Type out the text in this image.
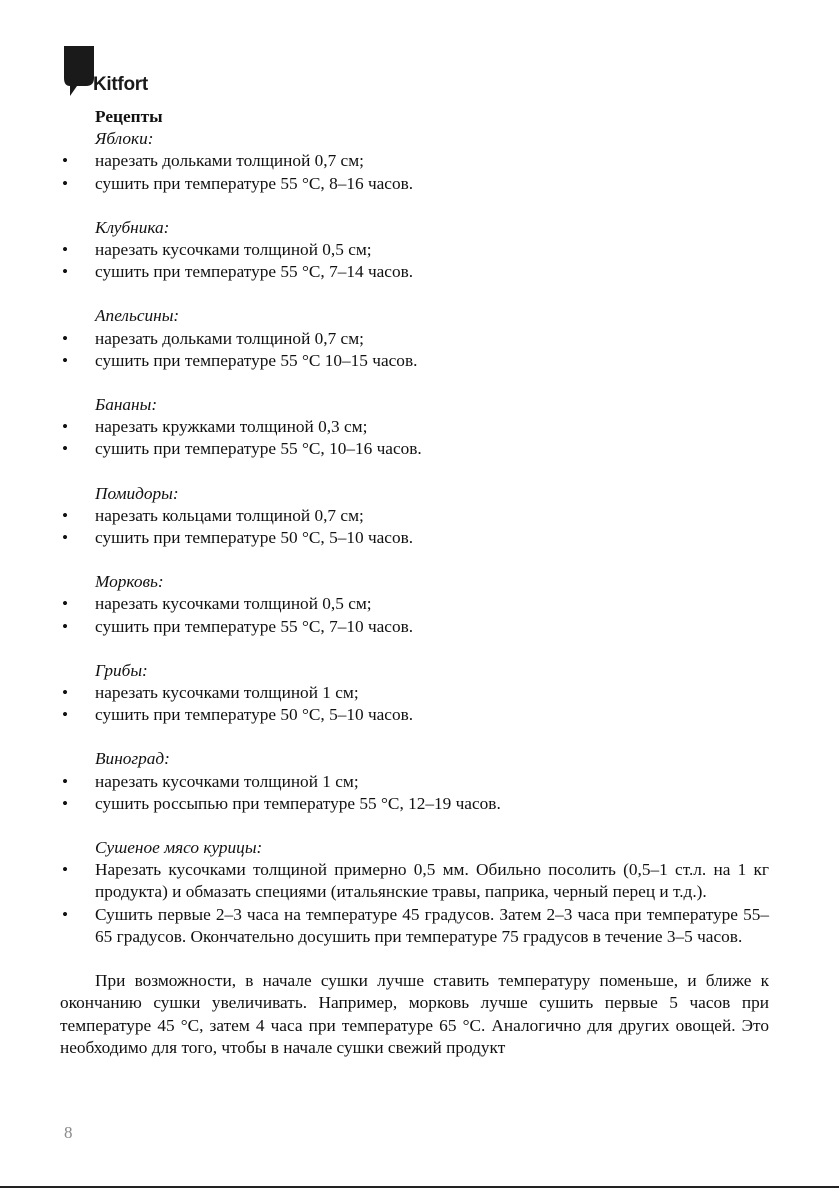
Kitfort
Рецепты
Яблоки:
• нарезать дольками толщиной 0,7 см;
• сушить при температуре 55 °С, 8–16 часов.
Клубника:
• нарезать кусочками толщиной 0,5 см;
• сушить при температуре 55 °С, 7–14 часов.
Апельсины:
• нарезать дольками толщиной 0,7 см;
• сушить при температуре 55 °С 10–15 часов.
Бананы:
• нарезать кружками толщиной 0,3 см;
• сушить при температуре 55 °С, 10–16 часов.
Помидоры:
• нарезать кольцами толщиной 0,7 см;
• сушить при температуре 50 °С, 5–10 часов.
Морковь:
• нарезать кусочками толщиной 0,5 см;
• сушить при температуре 55 °С, 7–10 часов.
Грибы:
• нарезать кусочками толщиной 1 см;
• сушить при температуре 50 °С, 5–10 часов.
Виноград:
• нарезать кусочками толщиной 1 см;
• сушить россыпью при температуре 55 °С, 12–19 часов.
Сушеное мясо курицы:
• Нарезать кусочками толщиной примерно 0,5 мм. Обильно посолить (0,5–1 ст.л. на 1 кг продукта) и обмазать специями (итальянские травы, паприка, черный перец и т.д.).
• Сушить первые 2–3 часа на температуре 45 градусов. Затем 2–3 часа при температуре 55–65 градусов. Окончательно досушить при температуре 75 градусов в течение 3–5 часов.
При возможности, в начале сушки лучше ставить температуру поменьше, и ближе к окончанию сушки увеличивать. Например, морковь лучше сушить первые 5 часов при температуре 45 °С, затем 4 часа при температуре 65 °С. Аналогично для других овощей. Это необходимо для того, чтобы в начале сушки свежий продукт
8
